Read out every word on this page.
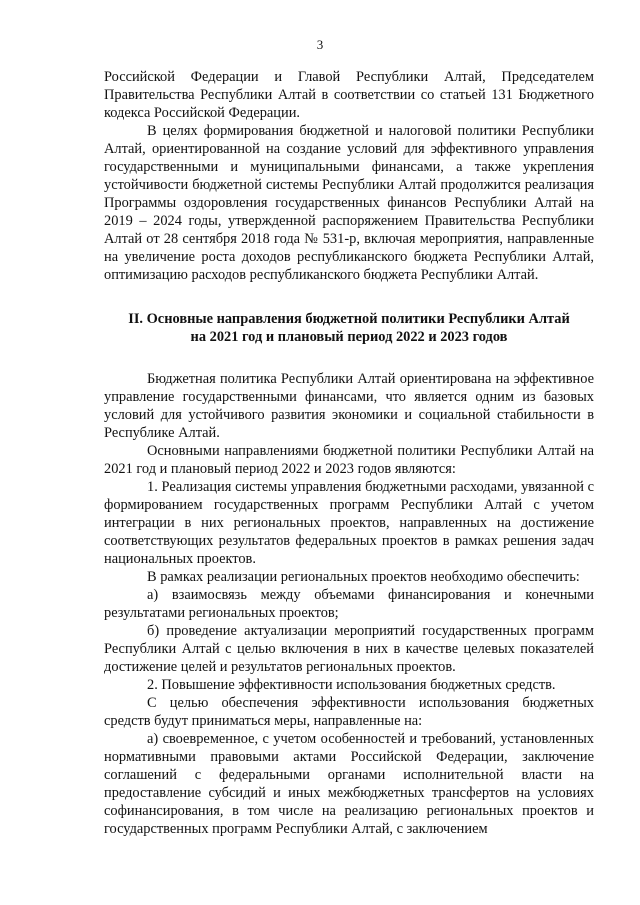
3

Российской Федерации и Главой Республики Алтай, Председателем Правительства Республики Алтай в соответствии со статьей 131 Бюджетного кодекса Российской Федерации.

В целях формирования бюджетной и налоговой политики Республики Алтай, ориентированной на создание условий для эффективного управления государственными и муниципальными финансами, а также укрепления устойчивости бюджетной системы Республики Алтай продолжится реализация Программы оздоровления государственных финансов Республики Алтай на 2019 – 2024 годы, утвержденной распоряжением Правительства Республики Алтай от 28 сентября 2018 года № 531-р, включая мероприятия, направленные на увеличение роста доходов республиканского бюджета Республики Алтай, оптимизацию расходов республиканского бюджета Республики Алтай.

II. Основные направления бюджетной политики Республики Алтай
на 2021 год и плановый период 2022 и 2023 годов

Бюджетная политика Республики Алтай ориентирована на эффективное управление государственными финансами, что является одним из базовых условий для устойчивого развития экономики и социальной стабильности в Республике Алтай.

Основными направлениями бюджетной политики Республики Алтай на 2021 год и плановый период 2022 и 2023 годов являются:

1. Реализация системы управления бюджетными расходами, увязанной с формированием государственных программ Республики Алтай с учетом интеграции в них региональных проектов, направленных на достижение соответствующих результатов федеральных проектов в рамках решения задач национальных проектов.

В рамках реализации региональных проектов необходимо обеспечить:

а) взаимосвязь между объемами финансирования и конечными результатами региональных проектов;

б) проведение актуализации мероприятий государственных программ Республики Алтай с целью включения в них в качестве целевых показателей достижение целей и результатов региональных проектов.

2. Повышение эффективности использования бюджетных средств.

С целью обеспечения эффективности использования бюджетных средств будут приниматься меры, направленные на:

а) своевременное, с учетом особенностей и требований, установленных нормативными правовыми актами Российской Федерации, заключение соглашений с федеральными органами исполнительной власти на предоставление субсидий и иных межбюджетных трансфертов на условиях софинансирования, в том числе на реализацию региональных проектов и государственных программ Республики Алтай, с заключением
